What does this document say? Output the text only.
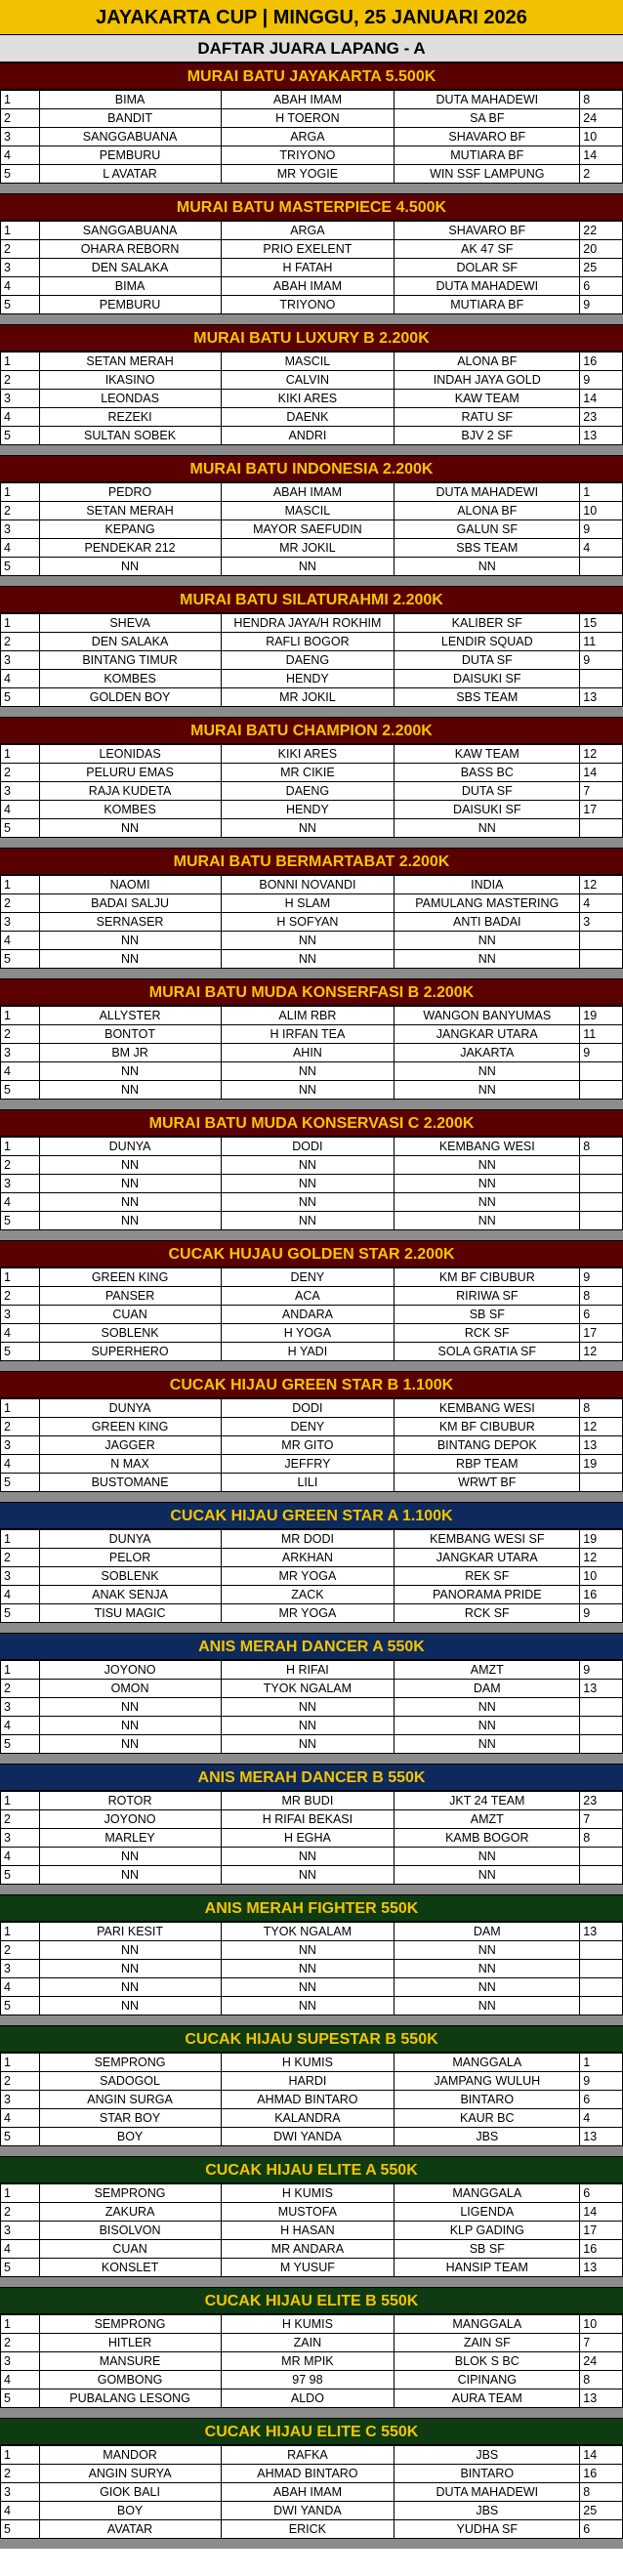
JAYAKARTA CUP | MINGGU, 25 JANUARI 2026
DAFTAR JUARA LAPANG - A
MURAI BATU JAYAKARTA 5.500K
1	BIMA	ABAH IMAM	DUTA MAHADEWI	8
2	BANDIT	H TOERON	SA BF	24
3	SANGGABUANA	ARGA	SHAVARO BF	10
4	PEMBURU	TRIYONO	MUTIARA BF	14
5	L AVATAR	MR YOGIE	WIN SSF LAMPUNG	2
MURAI BATU MASTERPIECE 4.500K
1	SANGGABUANA	ARGA	SHAVARO BF	22
2	OHARA REBORN	PRIO EXELENT	AK 47 SF	20
3	DEN SALAKA	H FATAH	DOLAR SF	25
4	BIMA	ABAH IMAM	DUTA MAHADEWI	6
5	PEMBURU	TRIYONO	MUTIARA BF	9
MURAI BATU LUXURY B 2.200K
1	SETAN MERAH	MASCIL	ALONA BF	16
2	IKASINO	CALVIN	INDAH JAYA GOLD	9
3	LEONDAS	KIKI ARES	KAW TEAM	14
4	REZEKI	DAENK	RATU SF	23
5	SULTAN SOBEK	ANDRI	BJV 2 SF	13
MURAI BATU INDONESIA 2.200K
1	PEDRO	ABAH IMAM	DUTA MAHADEWI	1
2	SETAN MERAH	MASCIL	ALONA BF	10
3	KEPANG	MAYOR SAEFUDIN	GALUN SF	9
4	PENDEKAR 212	MR JOKIL	SBS TEAM	4
5	NN	NN	NN	
MURAI BATU SILATURAHMI 2.200K
1	SHEVA	HENDRA JAYA/H ROKHIM	KALIBER SF	15
2	DEN SALAKA	RAFLI BOGOR	LENDIR SQUAD	11
3	BINTANG TIMUR	DAENG	DUTA SF	9
4	KOMBES	HENDY	DAISUKI SF	
5	GOLDEN BOY	MR JOKIL	SBS TEAM	13
MURAI BATU CHAMPION 2.200K
1	LEONIDAS	KIKI ARES	KAW TEAM	12
2	PELURU EMAS	MR CIKIE	BASS BC	14
3	RAJA KUDETA	DAENG	DUTA SF	7
4	KOMBES	HENDY	DAISUKI SF	17
5	NN	NN	NN	
MURAI BATU BERMARTABAT 2.200K
1	NAOMI	BONNI NOVANDI	INDIA	12
2	BADAI SALJU	H SLAM	PAMULANG MASTERING	4
3	SERNASER	H SOFYAN	ANTI BADAI	3
4	NN	NN	NN	
5	NN	NN	NN	
MURAI BATU MUDA KONSERFASI B 2.200K
1	ALLYSTER	ALIM RBR	WANGON BANYUMAS	19
2	BONTOT	H IRFAN TEA	JANGKAR UTARA	11
3	BM JR	AHIN	JAKARTA	9
4	NN	NN	NN	
5	NN	NN	NN	
MURAI BATU MUDA KONSERVASI C 2.200K
1	DUNYA	DODI	KEMBANG WESI	8
2	NN	NN	NN	
3	NN	NN	NN	
4	NN	NN	NN	
5	NN	NN	NN	
CUCAK HUJAU GOLDEN STAR 2.200K
1	GREEN KING	DENY	KM BF CIBUBUR	9
2	PANSER	ACA	RIRIWA SF	8
3	CUAN	ANDARA	SB SF	6
4	SOBLENK	H YOGA	RCK SF	17
5	SUPERHERO	H YADI	SOLA GRATIA SF	12
CUCAK HIJAU GREEN STAR B 1.100K
1	DUNYA	DODI	KEMBANG WESI	8
2	GREEN KING	DENY	KM BF CIBUBUR	12
3	JAGGER	MR GITO	BINTANG DEPOK	13
4	N MAX	JEFFRY	RBP TEAM	19
5	BUSTOMANE	LILI	WRWT BF	
CUCAK HIJAU GREEN STAR A 1.100K
1	DUNYA	MR DODI	KEMBANG WESI SF	19
2	PELOR	ARKHAN	JANGKAR UTARA	12
3	SOBLENK	MR YOGA	REK SF	10
4	ANAK SENJA	ZACK	PANORAMA PRIDE	16
5	TISU MAGIC	MR YOGA	RCK SF	9
ANIS MERAH DANCER A 550K
1	JOYONO	H RIFAI	AMZT	9
2	OMON	TYOK NGALAM	DAM	13
3	NN	NN	NN	
4	NN	NN	NN	
5	NN	NN	NN	
ANIS MERAH DANCER B 550K
1	ROTOR	MR BUDI	JKT 24 TEAM	23
2	JOYONO	H RIFAI BEKASI	AMZT	7
3	MARLEY	H EGHA	KAMB BOGOR	8
4	NN	NN	NN	
5	NN	NN	NN	
ANIS MERAH FIGHTER 550K
1	PARI KESIT	TYOK NGALAM	DAM	13
2	NN	NN	NN	
3	NN	NN	NN	
4	NN	NN	NN	
5	NN	NN	NN	
CUCAK HIJAU SUPESTAR B 550K
1	SEMPRONG	H KUMIS	MANGGALA	1
2	SADOGOL	HARDI	JAMPANG WULUH	9
3	ANGIN SURGA	AHMAD BINTARO	BINTARO	6
4	STAR BOY	KALANDRA	KAUR BC	4
5	BOY	DWI YANDA	JBS	13
CUCAK HIJAU ELITE A 550K
1	SEMPRONG	H KUMIS	MANGGALA	6
2	ZAKURA	MUSTOFA	LIGENDA	14
3	BISOLVON	H HASAN	KLP GADING	17
4	CUAN	MR ANDARA	SB SF	16
5	KONSLET	M YUSUF	HANSIP TEAM	13
CUCAK HIJAU ELITE B 550K
1	SEMPRONG	H KUMIS	MANGGALA	10
2	HITLER	ZAIN	ZAIN SF	7
3	MANSURE	MR MPIK	BLOK S BC	24
4	GOMBONG	97 98	CIPINANG	8
5	PUBALANG LESONG	ALDO	AURA TEAM	13
CUCAK HIJAU ELITE C 550K
1	MANDOR	RAFKA	JBS	14
2	ANGIN SURYA	AHMAD BINTARO	BINTARO	16
3	GIOK BALI	ABAH IMAM	DUTA MAHADEWI	8
4	BOY	DWI YANDA	JBS	25
5	AVATAR	ERICK	YUDHA SF	6
